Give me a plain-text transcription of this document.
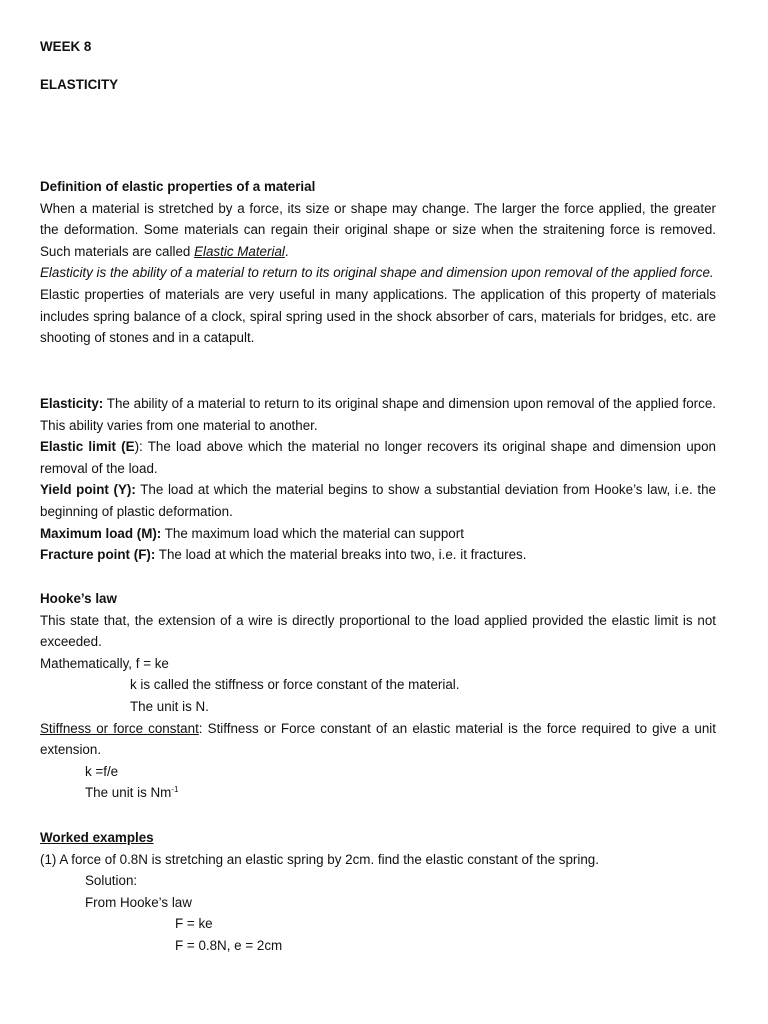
WEEK 8
ELASTICITY
Definition of elastic properties of a material

When a material is stretched by a force, its size or shape may change. The larger the force applied, the greater the deformation. Some materials can regain their original shape or size when the straitening force is removed. Such materials are called Elastic Material.

Elasticity is the ability of a material to return to its original shape and dimension upon removal of the applied force.

Elastic properties of materials are very useful in many applications. The application of this property of materials includes spring balance of a clock, spiral spring used in the shock absorber of cars, materials for bridges, etc. are shooting of stones and in a catapult.

Elasticity: The ability of a material to return to its original shape and dimension upon removal of the applied force. This ability varies from one material to another.

Elastic limit (E): The load above which the material no longer recovers its original shape and dimension upon removal of the load.

Yield point (Y): The load at which the material begins to show a substantial deviation from Hooke’s law, i.e. the beginning of plastic deformation.

Maximum load (M): The maximum load which the material can support

Fracture point (F): The load at which the material breaks into two, i.e. it fractures.

Hooke’s law

This state that, the extension of a wire is directly proportional to the load applied provided the elastic limit is not exceeded.

Mathematically, f = ke

k is called the stiffness or force constant of the material.

The unit is N.

Stiffness or force constant: Stiffness or Force constant of an elastic material is the force required to give a unit extension.

k =f/e

The unit is $Nm^{-1}$

Worked examples

(1) A force of 0.8N is stretching an elastic spring by 2cm. find the elastic constant of the spring.

Solution:

From Hooke’s law

F = ke

F = 0.8N, e = 2cm
